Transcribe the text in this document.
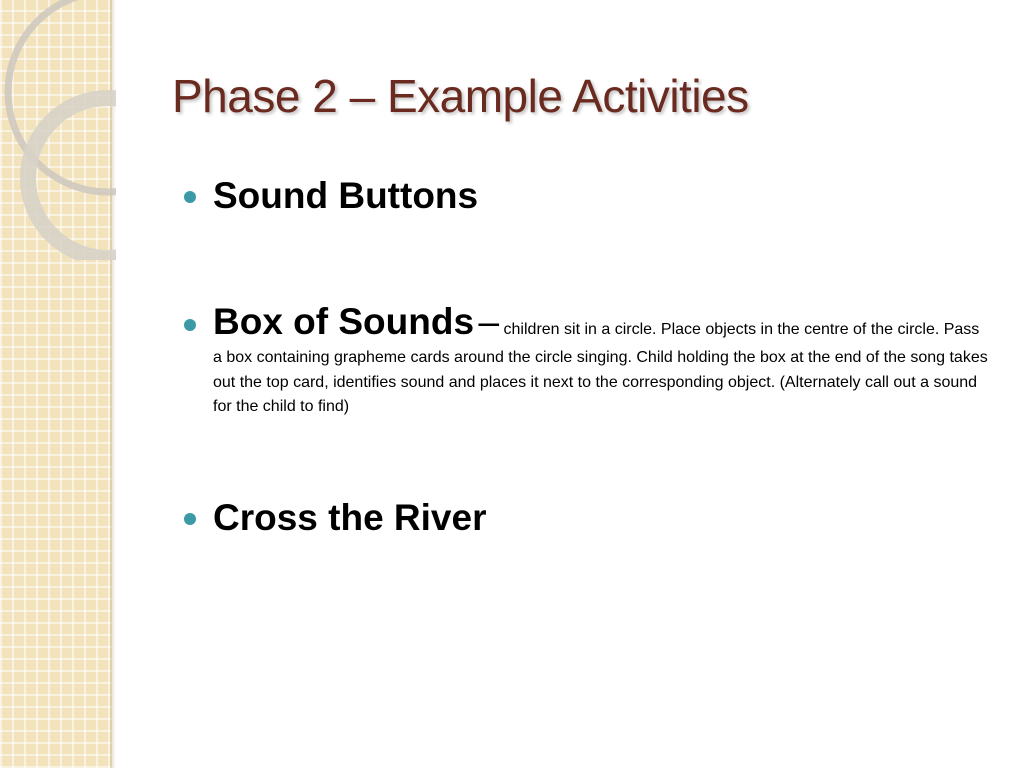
Phase 2 – Example Activities
Sound Buttons
Box of Sounds – children sit in a circle. Place objects in the centre of the circle. Pass a box containing grapheme cards around the circle singing. Child holding the box at the end of the song takes out the top card, identifies sound and places it next to the corresponding object. (Alternately call out a sound for the child to find)
Cross the River
